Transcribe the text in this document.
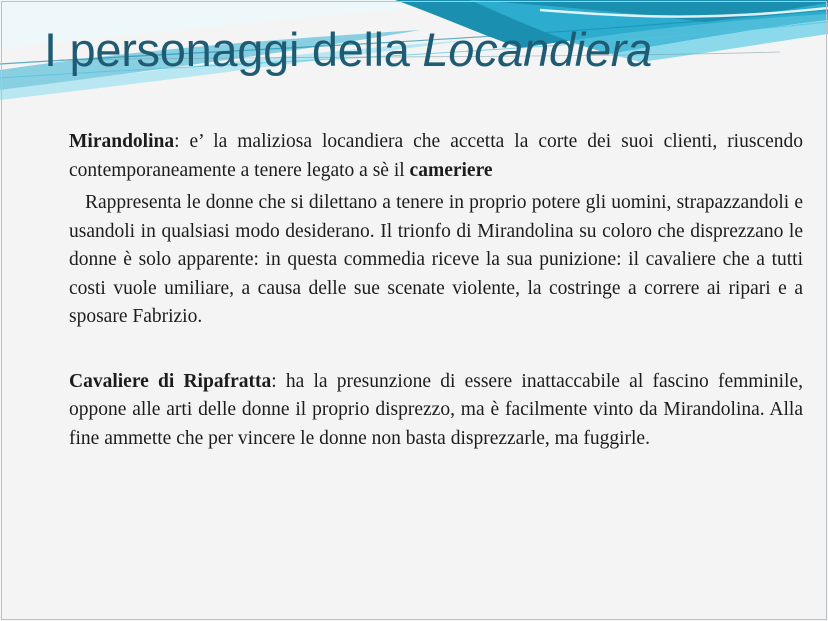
I personaggi della Locandiera

Mirandolina: e’ la maliziosa locandiera che accetta la corte dei suoi clienti, riuscendo contemporaneamente a tenere legato a sè il cameriere

Rappresenta le donne che si dilettano a tenere in proprio potere gli uomini, strapazzandoli e usandoli in qualsiasi modo desiderano. Il trionfo di Mirandolina su coloro che disprezzano le donne è solo apparente: in questa commedia riceve la sua punizione: il cavaliere che a tutti costi vuole umiliare, a causa delle sue scenate violente, la costringe a correre ai ripari e a sposare Fabrizio.

Cavaliere di Ripafratta: ha la presunzione di essere inattaccabile al fascino femminile, oppone alle arti delle donne il proprio disprezzo, ma è facilmente vinto da Mirandolina. Alla fine ammette che per vincere le donne non basta disprezzarle, ma fuggirle.
